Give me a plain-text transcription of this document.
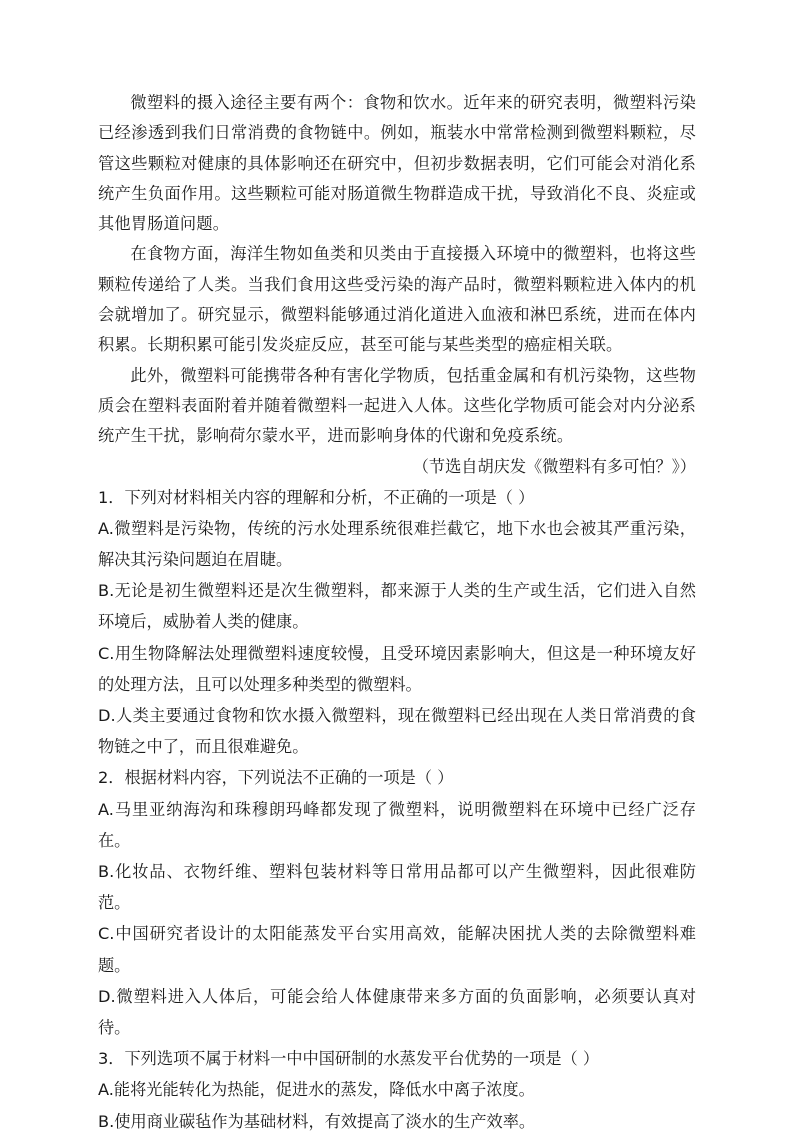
微塑料的摄入途径主要有两个：食物和饮水。近年来的研究表明，微塑料污染已经渗透到我们日常消费的食物链中。例如，瓶装水中常常检测到微塑料颗粒，尽管这些颗粒对健康的具体影响还在研究中，但初步数据表明，它们可能会对消化系统产生负面作用。这些颗粒可能对肠道微生物群造成干扰，导致消化不良、炎症或其他胃肠道问题。

在食物方面，海洋生物如鱼类和贝类由于直接摄入环境中的微塑料，也将这些颗粒传递给了人类。当我们食用这些受污染的海产品时，微塑料颗粒进入体内的机会就增加了。研究显示，微塑料能够通过消化道进入血液和淋巴系统，进而在体内积累。长期积累可能引发炎症反应，甚至可能与某些类型的癌症相关联。

此外，微塑料可能携带各种有害化学物质，包括重金属和有机污染物，这些物质会在塑料表面附着并随着微塑料一起进入人体。这些化学物质可能会对内分泌系统产生干扰，影响荷尔蒙水平，进而影响身体的代谢和免疫系统。

（节选自胡庆发《微塑料有多可怕？》）

1．下列对材料相关内容的理解和分析，不正确的一项是（ ）

A.微塑料是污染物，传统的污水处理系统很难拦截它，地下水也会被其严重污染，解决其污染问题迫在眉睫。

B.无论是初生微塑料还是次生微塑料，都来源于人类的生产或生活，它们进入自然环境后，威胁着人类的健康。

C.用生物降解法处理微塑料速度较慢，且受环境因素影响大，但这是一种环境友好的处理方法，且可以处理多种类型的微塑料。

D.人类主要通过食物和饮水摄入微塑料，现在微塑料已经出现在人类日常消费的食物链之中了，而且很难避免。

2．根据材料内容，下列说法不正确的一项是（ ）

A.马里亚纳海沟和珠穆朗玛峰都发现了微塑料，说明微塑料在环境中已经广泛存在。

B.化妆品、衣物纤维、塑料包装材料等日常用品都可以产生微塑料，因此很难防范。

C.中国研究者设计的太阳能蒸发平台实用高效，能解决困扰人类的去除微塑料难题。

D.微塑料进入人体后，可能会给人体健康带来多方面的负面影响，必须要认真对待。

3．下列选项不属于材料一中中国研制的水蒸发平台优势的一项是（ ）

A.能将光能转化为热能，促进水的蒸发，降低水中离子浓度。

B.使用商业碳毡作为基础材料，有效提高了淡水的生产效率。
